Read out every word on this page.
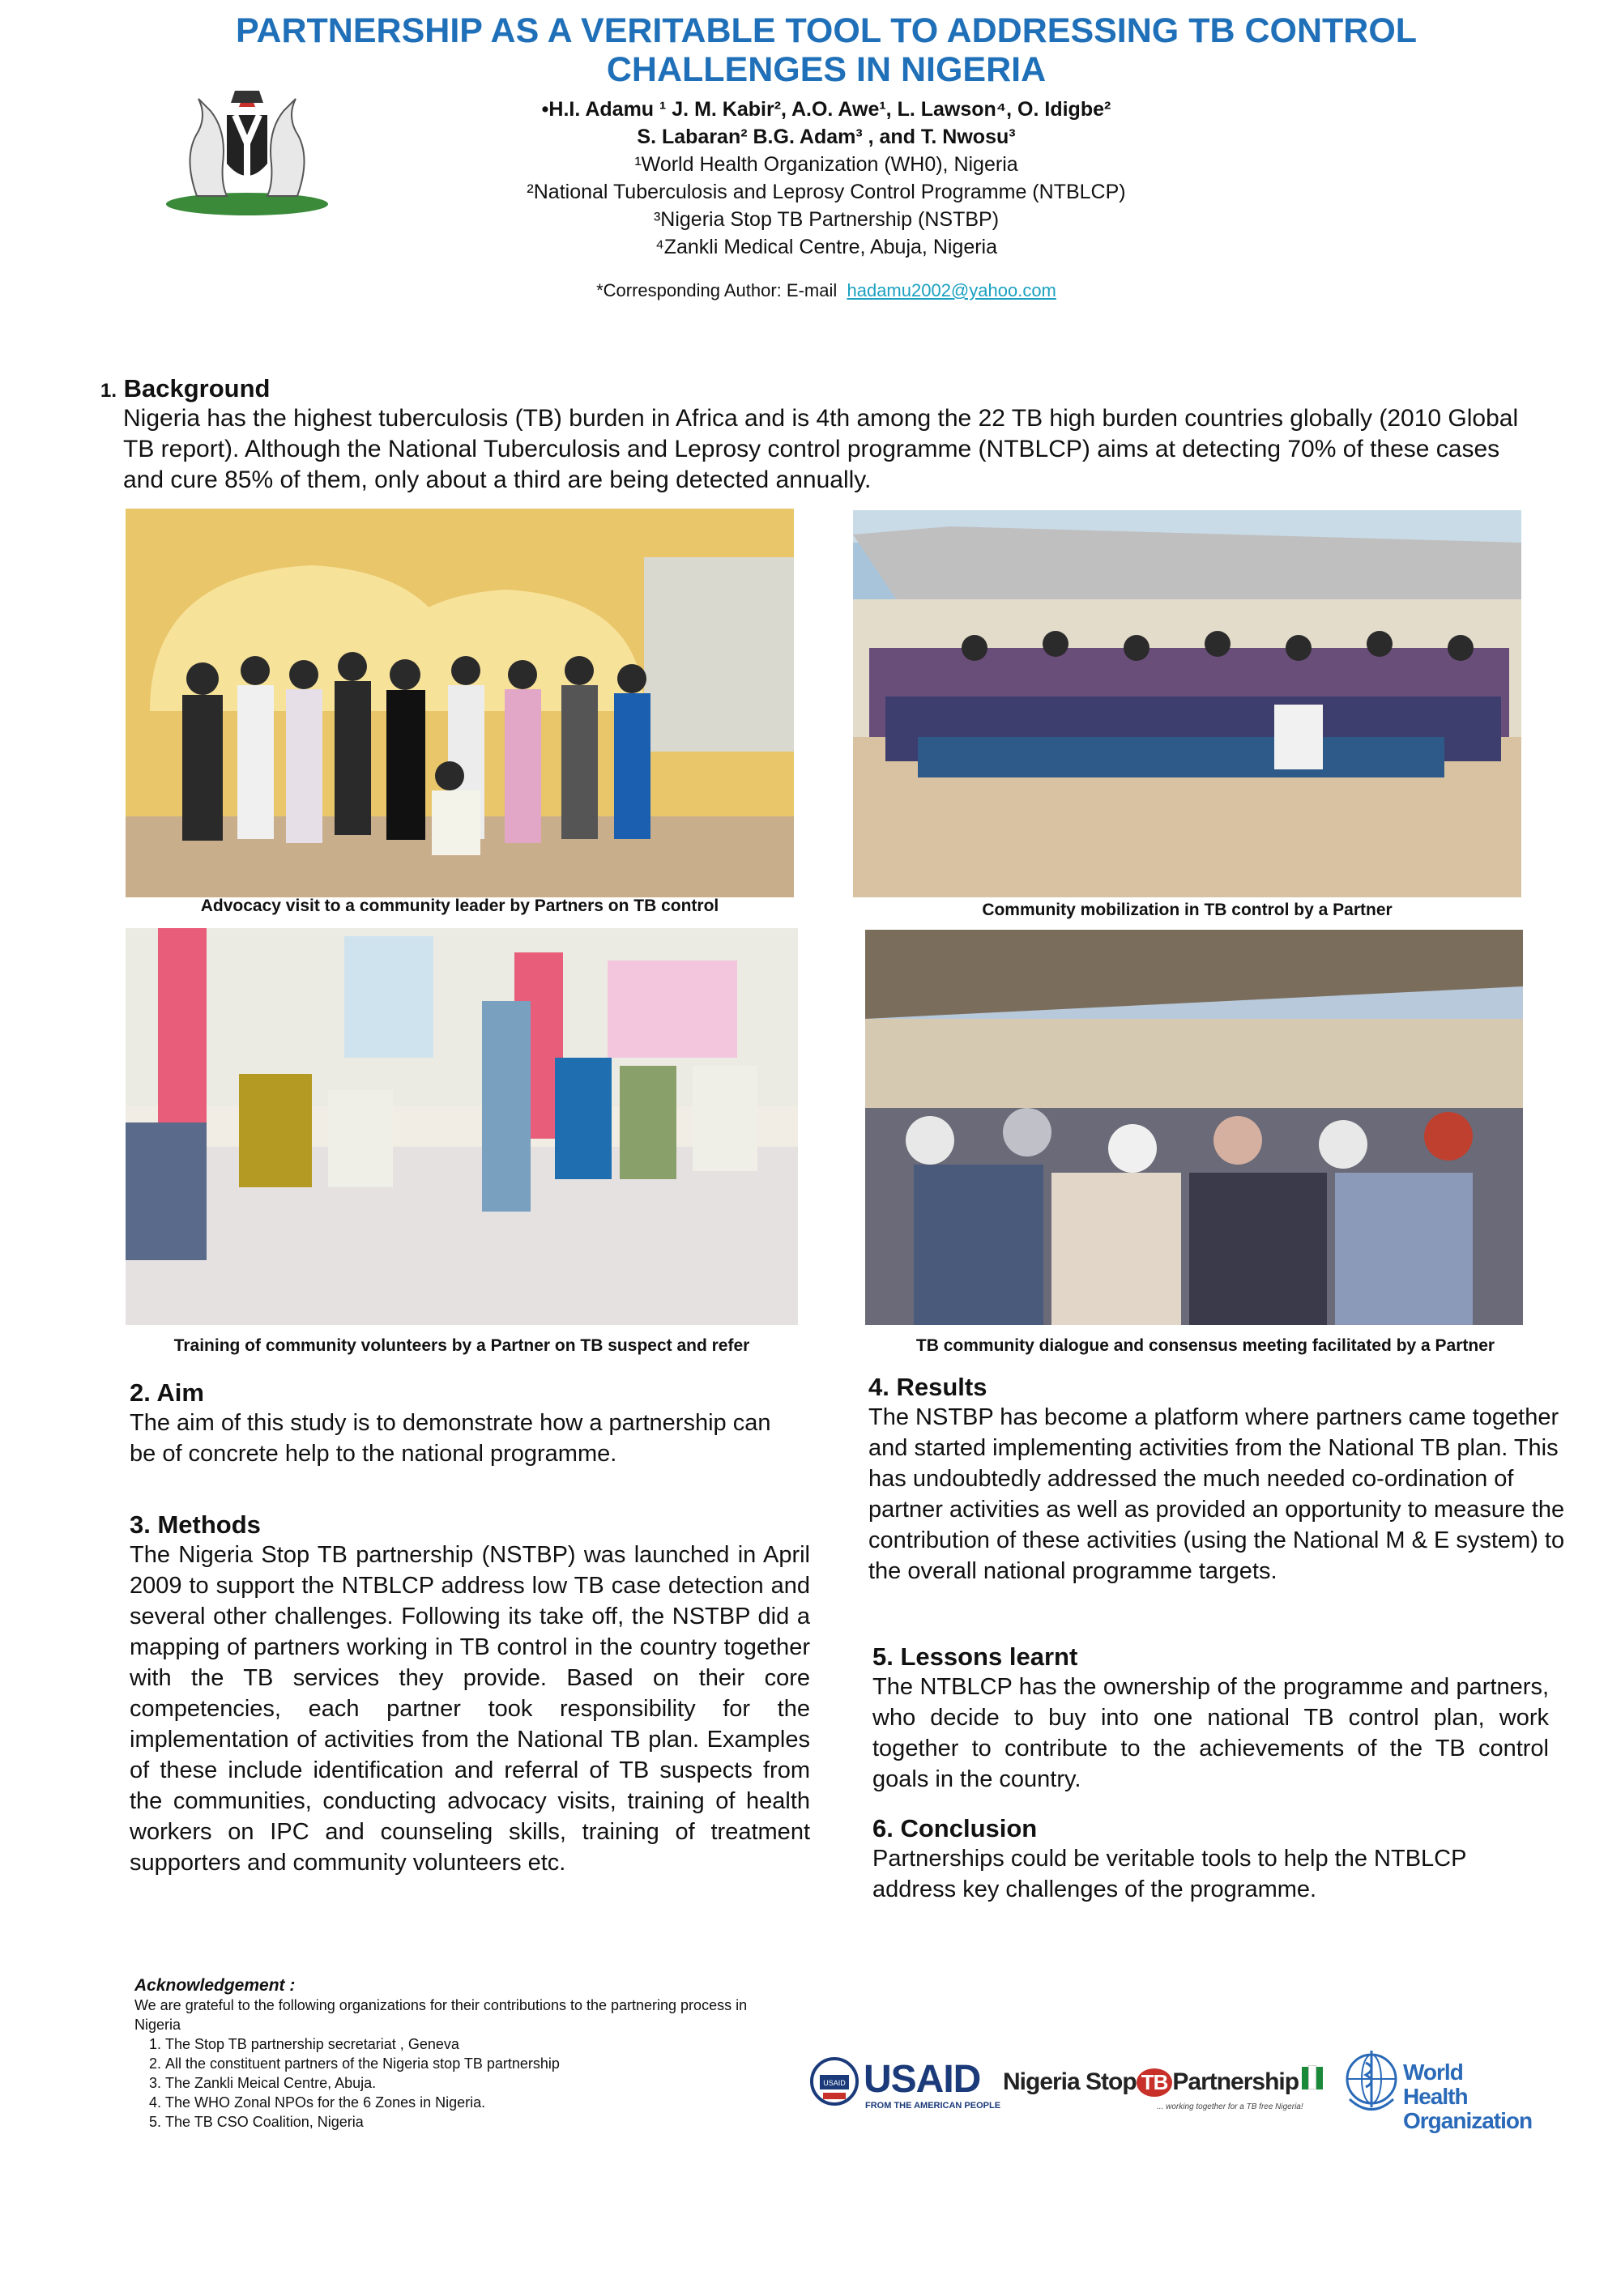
PARTNERSHIP AS A VERITABLE TOOL TO ADDRESSING TB CONTROL
CHALLENGES IN NIGERIA
•H.I. Adamu ¹ J. M. Kabir², A.O. Awe¹, L. Lawson⁴, O. Idigbe²
S. Labaran² B.G. Adam³ , and T. Nwosu³
¹World Health Organization (WH0), Nigeria
²National Tuberculosis and Leprosy Control Programme (NTBLCP)
³Nigeria Stop TB Partnership (NSTBP)
⁴Zankli Medical Centre, Abuja, Nigeria
*Corresponding Author: E-mail hadamu2002@yahoo.com
1. Background
Nigeria has the highest tuberculosis (TB) burden in Africa and is 4th among the 22 TB high burden countries globally (2010 Global TB report). Although the National Tuberculosis and Leprosy control programme (NTBLCP) aims at detecting 70% of these cases and cure 85% of them, only about a third are being detected annually.
Advocacy visit to a community leader by Partners on TB control	Community mobilization in TB control by a Partner
Training of community volunteers by a Partner on TB suspect and refer	TB community dialogue and consensus meeting facilitated by a Partner
2. Aim
The aim of this study is to demonstrate how a partnership can be of concrete help to the national programme.
3. Methods
The Nigeria Stop TB partnership (NSTBP) was launched in April 2009 to support the NTBLCP address low TB case detection and several other challenges. Following its take off, the NSTBP did a mapping of partners working in TB control in the country together with the TB services they provide. Based on their core competencies, each partner took responsibility for the implementation of activities from the National TB plan. Examples of these include identification and referral of TB suspects from the communities, conducting advocacy visits, training of health workers on IPC and counseling skills, training of treatment supporters and community volunteers etc.
4. Results
The NSTBP has become a platform where partners came together and started implementing activities from the National TB plan. This has undoubtedly addressed the much needed co-ordination of partner activities as well as provided an opportunity to measure the contribution of these activities (using the National M & E system) to the overall national programme targets.
5. Lessons learnt
The NTBLCP has the ownership of the programme and partners, who decide to buy into one national TB control plan, work together to contribute to the achievements of the TB control goals in the country.
6. Conclusion
Partnerships could be veritable tools to help the NTBLCP address key challenges of the programme.
Acknowledgement :
We are grateful to the following organizations for their contributions to the partnering process in Nigeria
1. The Stop TB partnership secretariat , Geneva
2. All the constituent partners of the Nigeria stop TB partnership
3. The Zankli Meical Centre, Abuja.
4. The WHO Zonal NPOs for the 6 Zones in Nigeria.
5. The TB CSO Coalition, Nigeria
USAID USAID
FROM THE AMERICAN PEOPLE
Nigeria Stop TB Partnership
... working together for a TB free Nigeria!
World Health
Organization
